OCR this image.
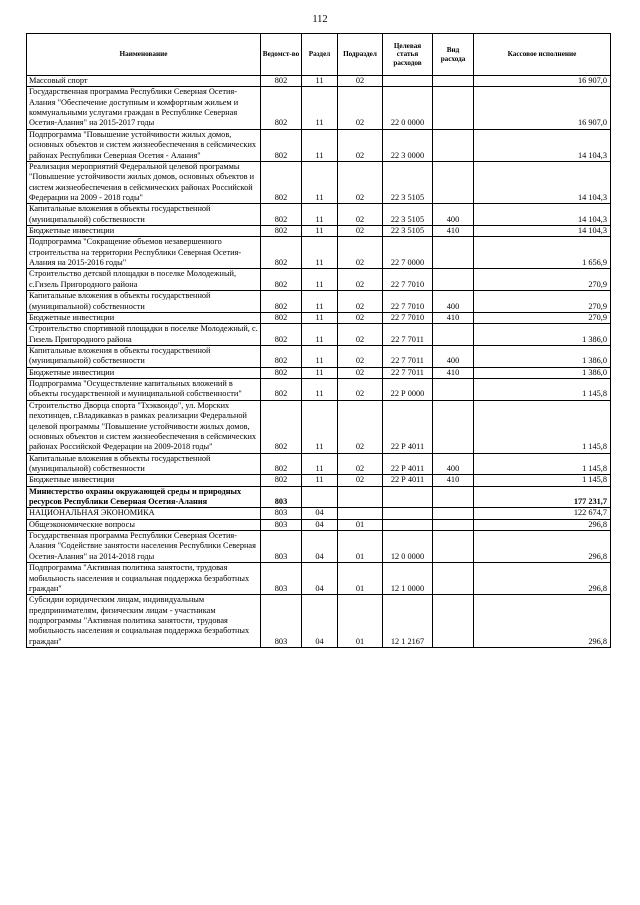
112
Наименование	Ведомст-во	Раздел	Подраздел	Целевая статья расходов	Вид расхода	Кассовое исполнение
Массовый спорт	802	11	02			16 907,0
Государственная программа Республики Северная Осетия-Алания "Обеспечение доступным и комфортным жильем и коммунальными услугами граждан в Республике Северная Осетия-Алания" на 2015-2017 годы	802	11	02	22 0 0000		16 907,0
Подпрограмма "Повышение устойчивости жилых домов, основных объектов и систем жизнеобеспечения в сейсмических районах Республики Северная Осетия - Алания"	802	11	02	22 3 0000		14 104,3
Реализация мероприятий Федеральной целевой программы "Повышение устойчивости жилых домов, основных объектов и систем жизнеобеспечения в сейсмических районах Российской Федерации на 2009 - 2018 годы"	802	11	02	22 3 5105		14 104,3
Капитальные вложения в объекты государственной (муниципальной) собственности	802	11	02	22 3 5105	400	14 104,3
Бюджетные инвестиции	802	11	02	22 3 5105	410	14 104,3
Подпрограмма "Сокращение объемов незавершенного строительства на территории Республики Северная Осетия-Алания на 2015-2016 годы"	802	11	02	22 7 0000		1 656,9
Строительство детской площадки в поселке Молодежный, с.Гизель Пригородного района	802	11	02	22 7 7010		270,9
Капитальные вложения в объекты государственной (муниципальной) собственности	802	11	02	22 7 7010	400	270,9
Бюджетные инвестиции	802	11	02	22 7 7010	410	270,9
Строительство спортивной площадки в поселке Молодежный, с. Гизель Пригородного района	802	11	02	22 7 7011		1 386,0
Капитальные вложения в объекты государственной (муниципальной) собственности	802	11	02	22 7 7011	400	1 386,0
Бюджетные инвестиции	802	11	02	22 7 7011	410	1 386,0
Подпрограмма "Осуществление капитальных вложений в объекты государственной и муниципальной собственности"	802	11	02	22 Р 0000		1 145,8
Строительство Дворца спорта "Тхэквондо", ул. Морских пехотинцев, г.Владикавказ в рамках реализации Федеральной целевой программы "Повышение устойчивости жилых домов, основных объектов и систем жизнеобеспечения в сейсмических районах Российской Федерации на 2009-2018 годы"	802	11	02	22 Р 4011		1 145,8
Капитальные вложения в объекты государственной (муниципальной) собственности	802	11	02	22 Р 4011	400	1 145,8
Бюджетные инвестиции	802	11	02	22 Р 4011	410	1 145,8
Министерство охраны окружающей среды и природных ресурсов Республики Северная Осетия-Алания	803					177 231,7
НАЦИОНАЛЬНАЯ ЭКОНОМИКА	803	04				122 674,7
Общеэкономические вопросы	803	04	01			296,8
Государственная программа Республики Северная Осетия-Алания "Содействие занятости населения Республики Северная Осетия-Алания" на 2014-2018 годы	803	04	01	12 0 0000		296,8
Подпрограмма "Активная политика занятости, трудовая мобильность населения и социальная поддержка безработных граждан"	803	04	01	12 1 0000		296,8
Субсидии юридическим лицам, индивидуальным предпринимателям, физическим лицам - участникам подпрограммы "Активная политика занятости, трудовая мобильность населения и социальная поддержка безработных граждан"	803	04	01	12 1 2167		296,8
